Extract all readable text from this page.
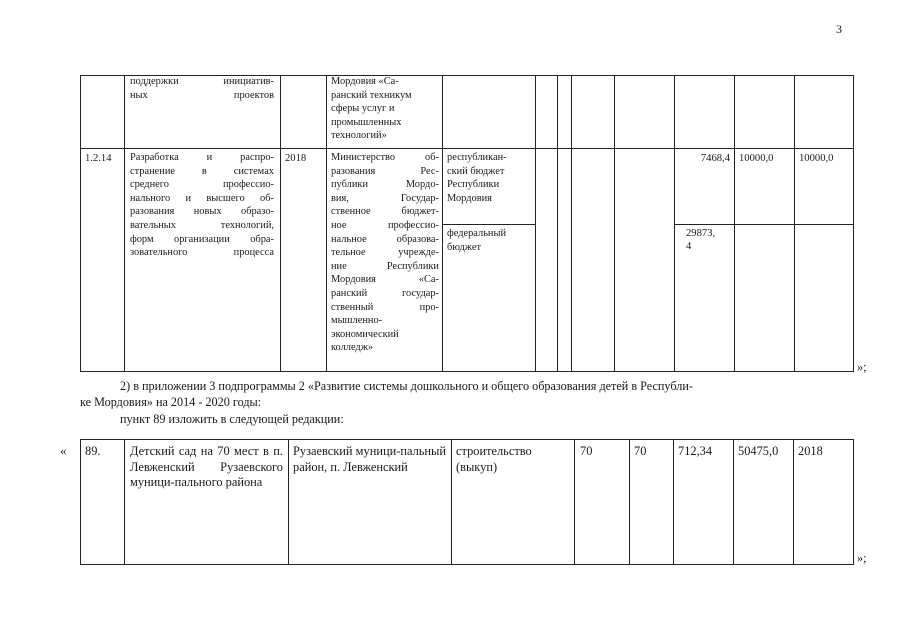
3
поддержки инициатив-
ных проектов
Мордовия «Са-
ранский техникум
сферы услуг и
промышленных
технологий»
1.2.14 Разработка и распро-
странение в системах
среднего профессио-
нального и высшего об-
разования новых образо-
вательных технологий,
форм организации обра-
зовательного процесса
2018 Министерство об-
разования Рес-
публики Мордо-
вия, Государ-
ственное бюджет-
ное профессио-
нальное образова-
тельное учрежде-
ние Республики
Мордовия «Са-
ранский государ-
ственный про-
мышленно-
экономический
колледж»
республикан-
ский бюджет
Республики
Мордовия
федеральный
бюджет
7468,4 10000,0 10000,0
29873,
4
»;
2) в приложении 3 подпрограммы 2 «Развитие системы дошкольного и общего образования детей в Республи-
ке Мордовия» на 2014 - 2020 годы:
пункт 89 изложить в следующей редакции:
« 89. Детский сад на 70 мест в п. Левженский Рузаевского муници-пального района
Рузаевский муници-пальный район, п. Левженский
строительство (выкуп)
70	70	712,34 50475,0 2018
»;
